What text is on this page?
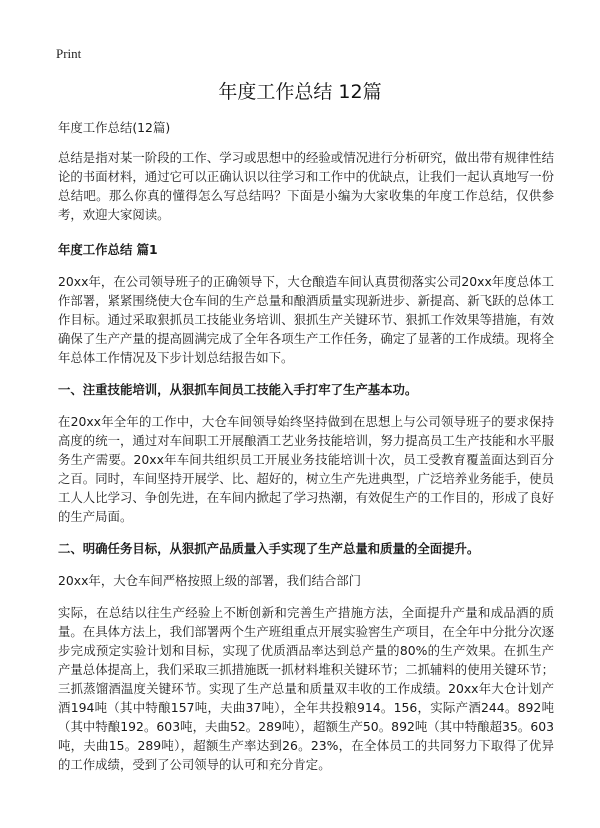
Print
年度工作总结 12篇

年度工作总结(12篇)

总结是指对某一阶段的工作、学习或思想中的经验或情况进行分析研究，做出带有规律性结论的书面材料，通过它可以正确认识以往学习和工作中的优缺点，让我们一起认真地写一份总结吧。那么你真的懂得怎么写总结吗？下面是小编为大家收集的年度工作总结，仅供参考，欢迎大家阅读。

年度工作总结 篇1

20xx年，在公司领导班子的正确领导下，大仓酿造车间认真贯彻落实公司20xx年度总体工作部署，紧紧围绕使大仓车间的生产总量和酿酒质量实现新进步、新提高、新飞跃的总体工作目标。通过采取狠抓员工技能业务培训、狠抓生产关键环节、狠抓工作效果等措施，有效确保了生产产量的提高圆满完成了全年各项生产工作任务，确定了显著的工作成绩。现将全年总体工作情况及下步计划总结报告如下。

一、注重技能培训，从狠抓车间员工技能入手打牢了生产基本功。

在20xx年全年的工作中，大仓车间领导始终坚持做到在思想上与公司领导班子的要求保持高度的统一，通过对车间职工开展酿酒工艺业务技能培训，努力提高员工生产技能和水平服务生产需要。20xx年车间共组织员工开展业务技能培训十次，员工受教育覆盖面达到百分之百。同时，车间坚持开展学、比、超好的，树立生产先进典型，广泛培养业务能手，使员工人人比学习、争创先进，在车间内掀起了学习热潮，有效促生产的工作目的，形成了良好的生产局面。

二、明确任务目标，从狠抓产品质量入手实现了生产总量和质量的全面提升。

20xx年，大仓车间严格按照上级的部署，我们结合部门

实际，在总结以往生产经验上不断创新和完善生产措施方法，全面提升产量和成品酒的质量。在具体方法上，我们部署两个生产班组重点开展实验窖生产项目，在全年中分批分次逐步完成预定实验计划和目标，实现了优质酒品率达到总产量的80%的生产效果。在抓生产产量总体提高上，我们采取三抓措施既一抓材料堆积关键环节；二抓辅料的使用关键环节；三抓蒸馏酒温度关键环节。实现了生产总量和质量双丰收的工作成绩。20xx年大仓计划产酒194吨（其中特酿157吨，夫曲37吨），全年共投粮914。156，实际产酒244。892吨（其中特酿192。603吨，夫曲52。289吨），超额生产50。892吨（其中特酿超35。603吨，夫曲15。289吨），超额生产率达到26。23%，在全体员工的共同努力下取得了优异的工作成绩，受到了公司领导的认可和充分肯定。
